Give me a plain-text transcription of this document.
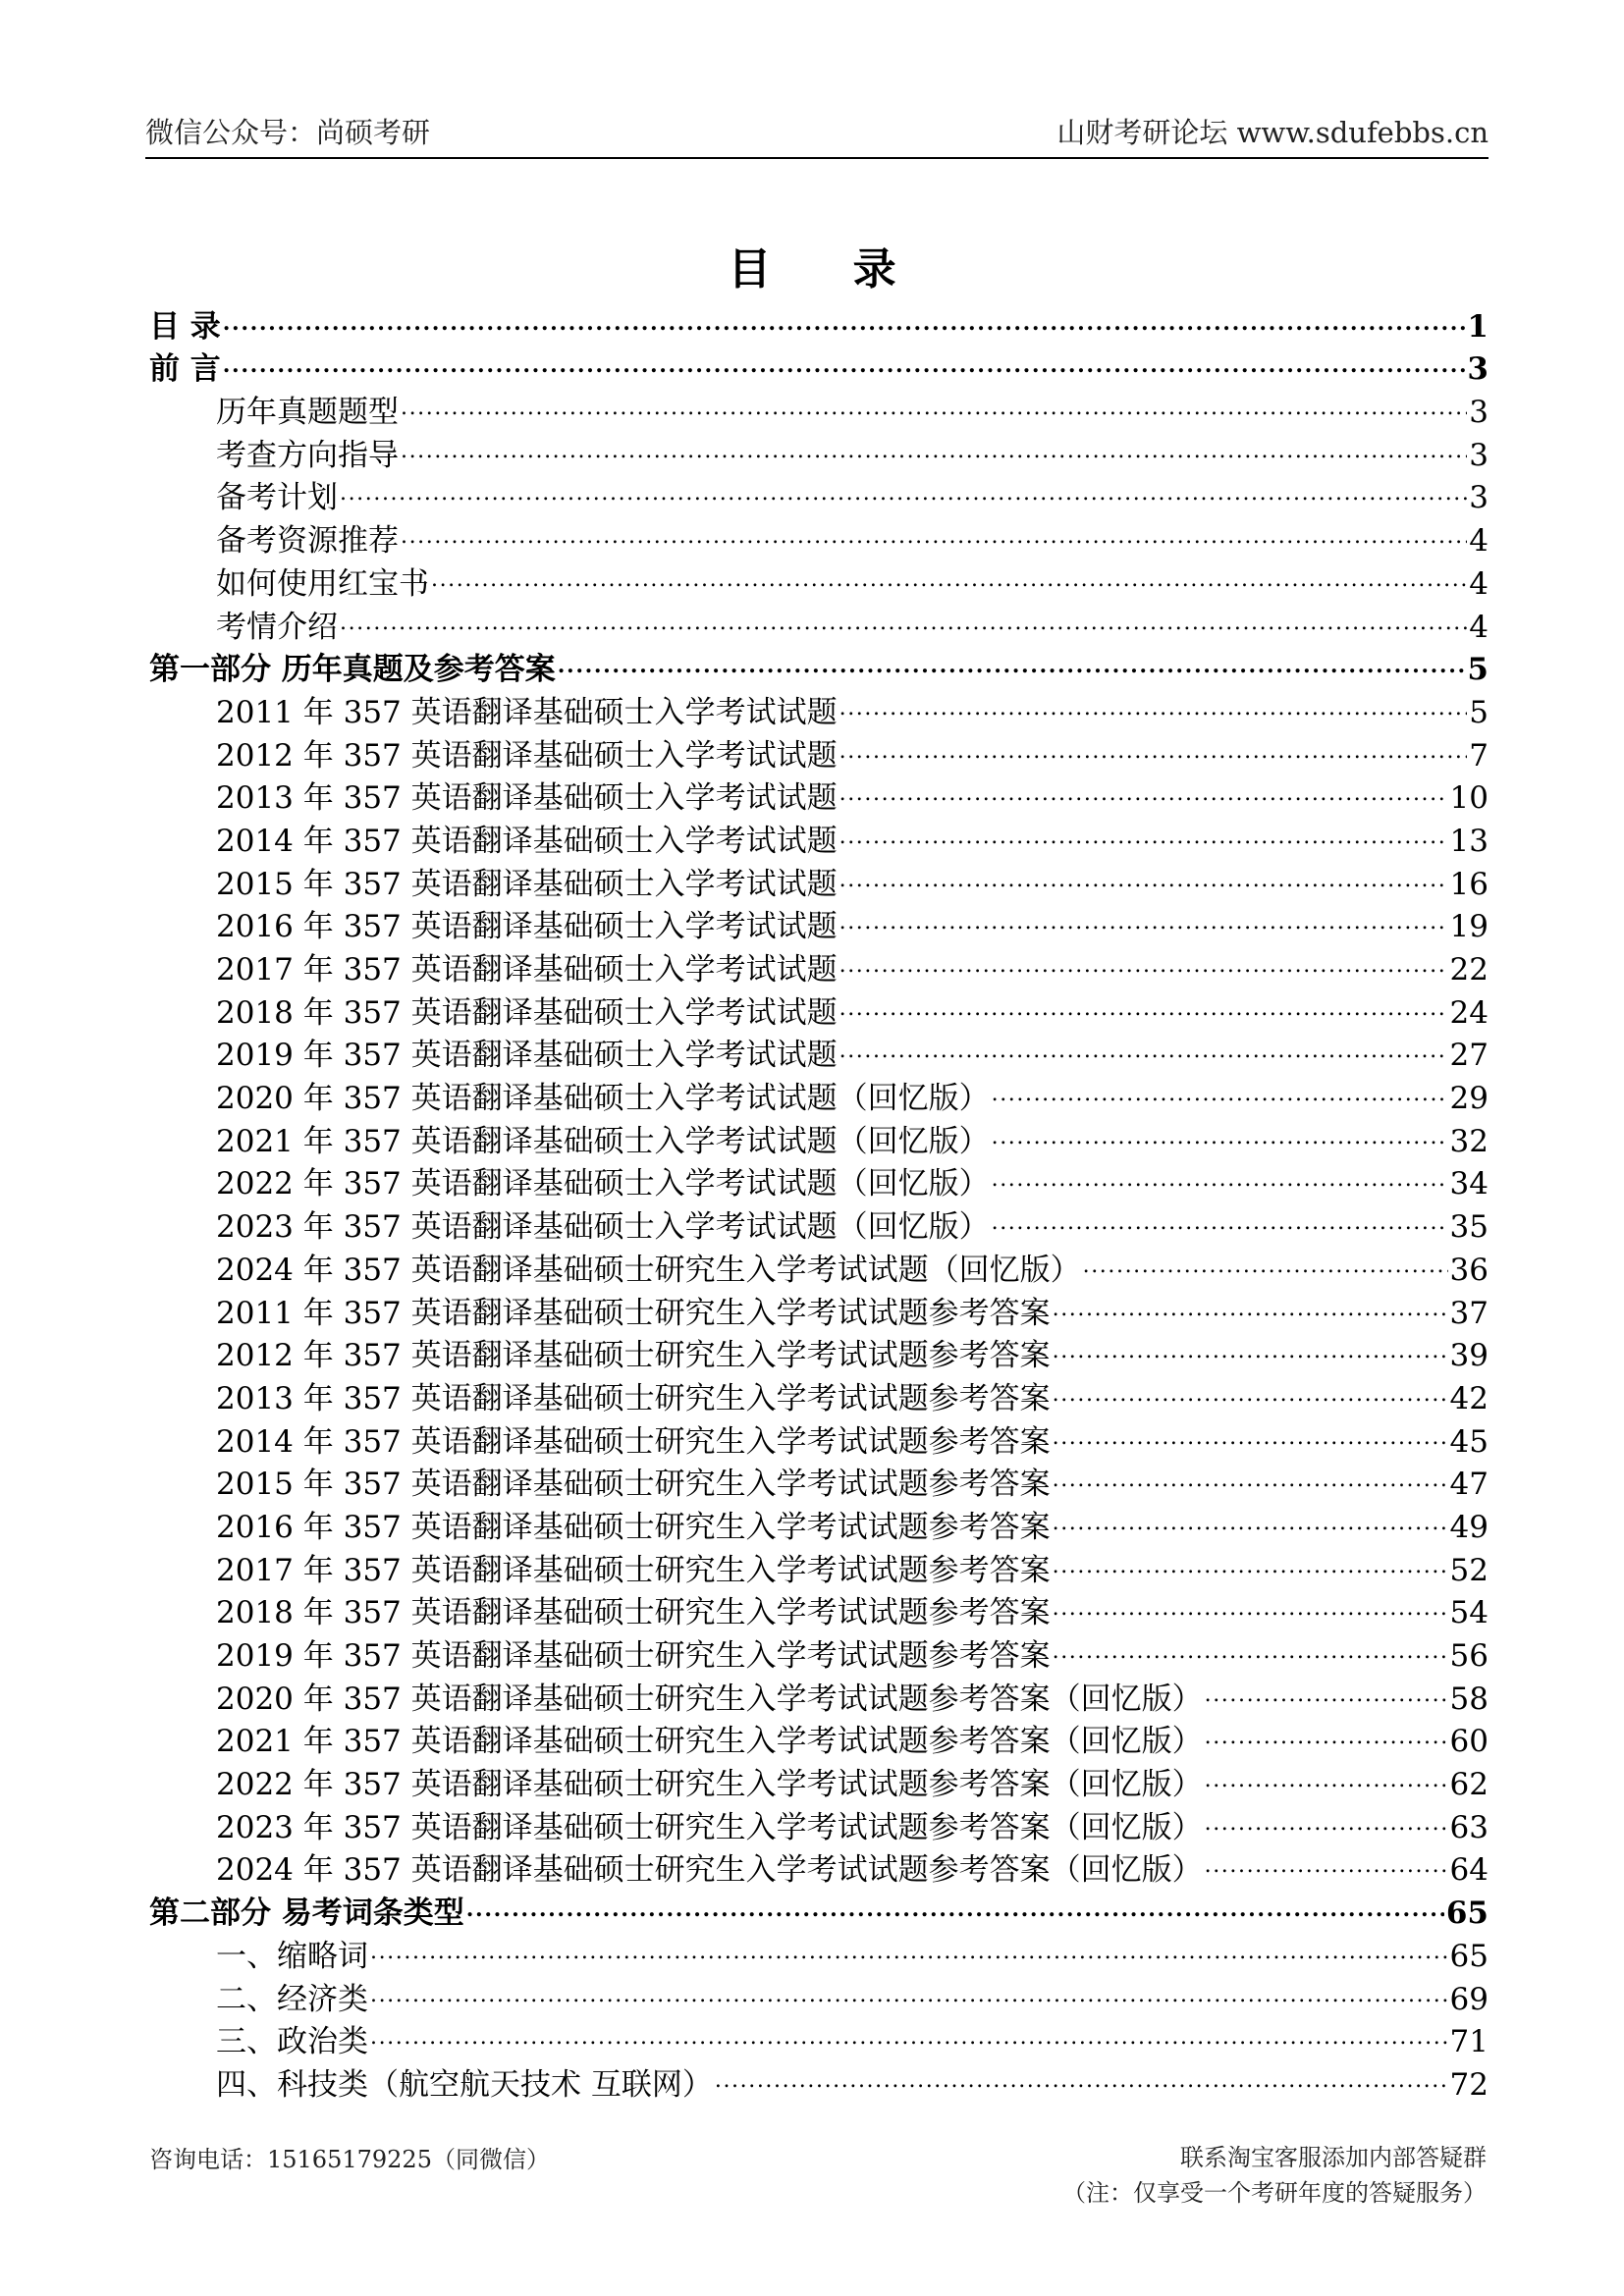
微信公众号：尚硕考研	山财考研论坛 www.sdufebbs.cn
目 录
目 录 .....	1
前 言 .....	3
历年真题题型 .....	3
考查方向指导 .....	3
备考计划 .....	3
备考资源推荐 .....	4
如何使用红宝书 .....	4
考情介绍 .....	4
第一部分 历年真题及参考答案 .....	5
2011 年 357 英语翻译基础硕士入学考试试题 .....	5
2012 年 357 英语翻译基础硕士入学考试试题 .....	7
2013 年 357 英语翻译基础硕士入学考试试题 .....	10
2014 年 357 英语翻译基础硕士入学考试试题 .....	13
2015 年 357 英语翻译基础硕士入学考试试题 .....	16
2016 年 357 英语翻译基础硕士入学考试试题 .....	19
2017 年 357 英语翻译基础硕士入学考试试题 .....	22
2018 年 357 英语翻译基础硕士入学考试试题 .....	24
2019 年 357 英语翻译基础硕士入学考试试题 .....	27
2020 年 357 英语翻译基础硕士入学考试试题（回忆版） .....	29
2021 年 357 英语翻译基础硕士入学考试试题（回忆版） .....	32
2022 年 357 英语翻译基础硕士入学考试试题（回忆版） .....	34
2023 年 357 英语翻译基础硕士入学考试试题（回忆版） .....	35
2024 年 357 英语翻译基础硕士研究生入学考试试题（回忆版） .....	36
2011 年 357 英语翻译基础硕士研究生入学考试试题参考答案 .....	37
2012 年 357 英语翻译基础硕士研究生入学考试试题参考答案 .....	39
2013 年 357 英语翻译基础硕士研究生入学考试试题参考答案 .....	42
2014 年 357 英语翻译基础硕士研究生入学考试试题参考答案 .....	45
2015 年 357 英语翻译基础硕士研究生入学考试试题参考答案 .....	47
2016 年 357 英语翻译基础硕士研究生入学考试试题参考答案 .....	49
2017 年 357 英语翻译基础硕士研究生入学考试试题参考答案 .....	52
2018 年 357 英语翻译基础硕士研究生入学考试试题参考答案 .....	54
2019 年 357 英语翻译基础硕士研究生入学考试试题参考答案 .....	56
2020 年 357 英语翻译基础硕士研究生入学考试试题参考答案（回忆版） .....	58
2021 年 357 英语翻译基础硕士研究生入学考试试题参考答案（回忆版） .....	60
2022 年 357 英语翻译基础硕士研究生入学考试试题参考答案（回忆版） .....	62
2023 年 357 英语翻译基础硕士研究生入学考试试题参考答案（回忆版） .....	63
2024 年 357 英语翻译基础硕士研究生入学考试试题参考答案（回忆版） .....	64
第二部分 易考词条类型 .....	65
一、缩略词 .....	65
二、经济类 .....	69
三、政治类 .....	71
四、科技类（航空航天技术 互联网） .....	72
咨询电话：15165179225（同微信）	联系淘宝客服添加内部答疑群
（注：仅享受一个考研年度的答疑服务）
